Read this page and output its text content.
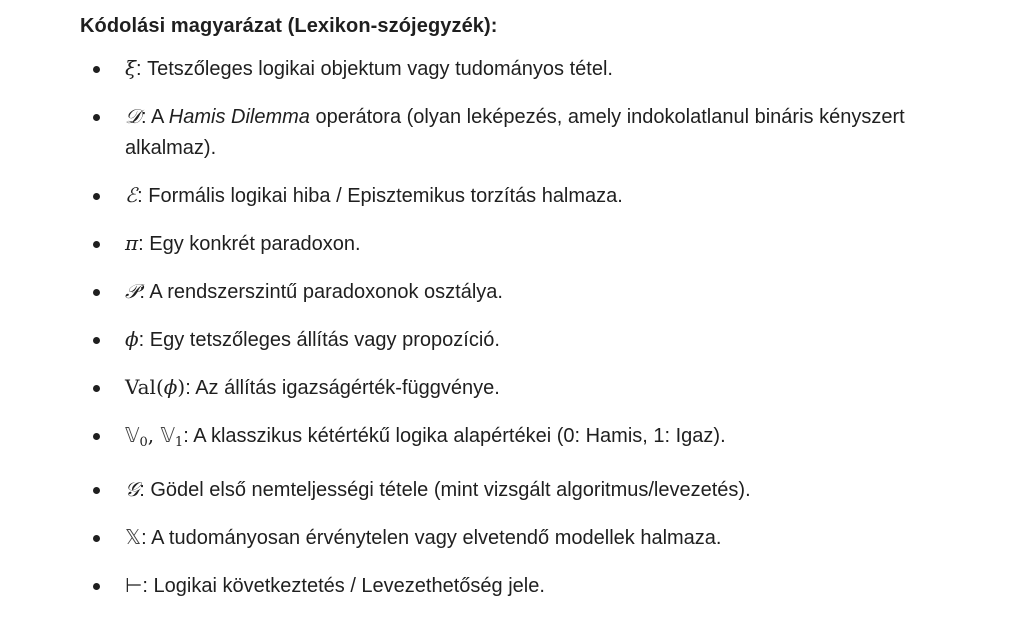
Kódolási magyarázat (Lexikon-szójegyzék):
ξ: Tetszőleges logikai objektum vagy tudományos tétel.
𝒟: A Hamis Dilemma operátora (olyan leképezés, amely indokolatlanul bináris kényszert alkalmaz).
ℰ: Formális logikai hiba / Episztemikus torzítás halmaza.
π: Egy konkrét paradoxon.
𝒫: A rendszerszintű paradoxonok osztálya.
ϕ: Egy tetszőleges állítás vagy propozíció.
Val(ϕ): Az állítás igazságérték-függvénye.
𝕍$_0$, 𝕍$_1$: A klasszikus kétértékű logika alapértékei (0: Hamis, 1: Igaz).
𝒢: Gödel első nemteljességi tétele (mint vizsgált algoritmus/levezetés).
𝕏: A tudományosan érvénytelen vagy elvetendő modellek halmaza.
⊢: Logikai következtetés / Levezethetőség jele.
